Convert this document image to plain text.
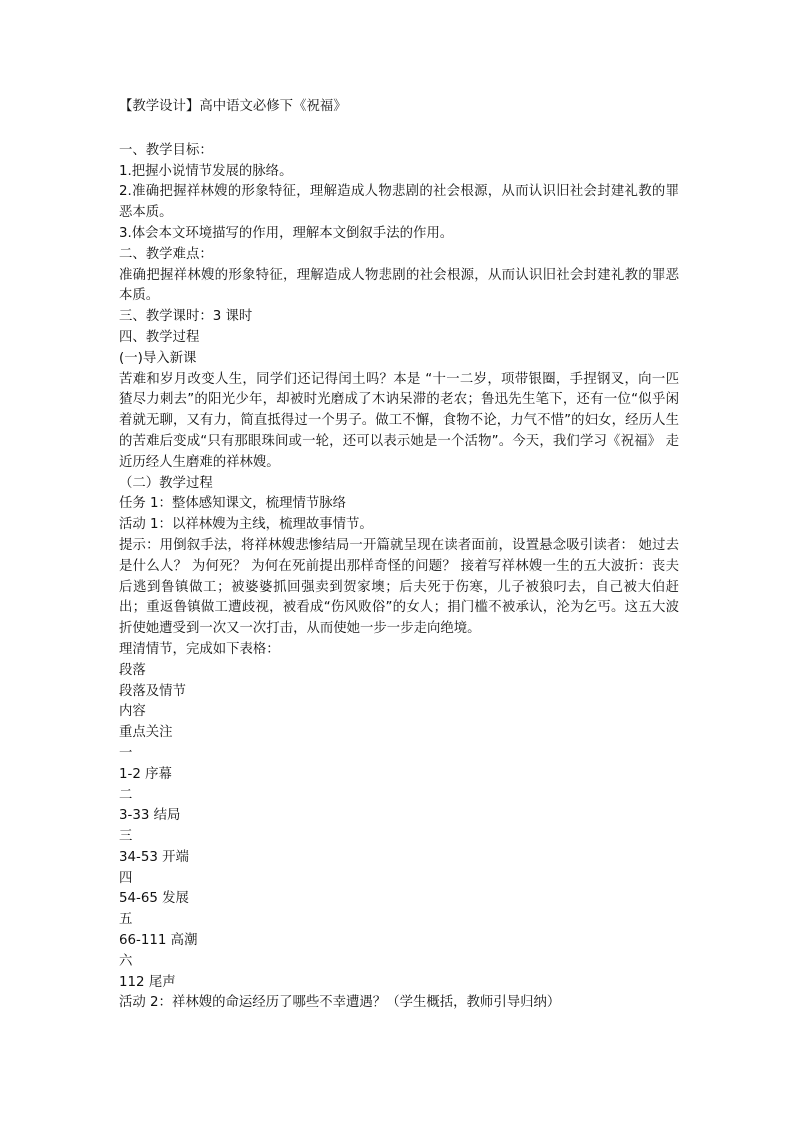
【教学设计】高中语文必修下《祝福》

一、教学目标：

1.把握小说情节发展的脉络。

2.准确把握祥林嫂的形象特征，理解造成人物悲剧的社会根源，从而认识旧社会封建礼教的罪恶本质。

3.体会本文环境描写的作用，理解本文倒叙手法的作用。

二、教学难点：

准确把握祥林嫂的形象特征，理解造成人物悲剧的社会根源，从而认识旧社会封建礼教的罪恶本质。

三、教学课时：3 课时

四、教学过程

(一)导入新课

苦难和岁月改变人生，同学们还记得闰土吗？本是 “十一二岁，项带银圈，手捏钢叉，向一匹猹尽力刺去”的阳光少年，却被时光磨成了木讷呆滞的老农；鲁迅先生笔下，还有一位“似乎闲着就无聊，又有力，简直抵得过一个男子。做工不懈，食物不论，力气不惜”的妇女，经历人生的苦难后变成“只有那眼珠间或一轮，还可以表示她是一个活物”。今天，我们学习《祝福》 走近历经人生磨难的祥林嫂。

（二）教学过程

任务 1：整体感知课文，梳理情节脉络

活动 1：以祥林嫂为主线，梳理故事情节。

提示：用倒叙手法，将祥林嫂悲惨结局一开篇就呈现在读者面前，设置悬念吸引读者： 她过去是什么人？ 为何死？ 为何在死前提出那样奇怪的问题？ 接着写祥林嫂一生的五大波折：丧夫后逃到鲁镇做工；被婆婆抓回强卖到贺家墺；后夫死于伤寒，儿子被狼叼去，自己被大伯赶出；重返鲁镇做工遭歧视，被看成“伤风败俗”的女人；捐门槛不被承认，沦为乞丐。这五大波折使她遭受到一次又一次打击，从而使她一步一步走向绝境。

理清情节，完成如下表格：

段落

段落及情节

内容

重点关注

一

1-2 序幕

二

3-33 结局

三

34-53 开端

四

54-65 发展

五

66-111 高潮

六

112 尾声

活动 2：祥林嫂的命运经历了哪些不幸遭遇？（学生概括，教师引导归纳）
